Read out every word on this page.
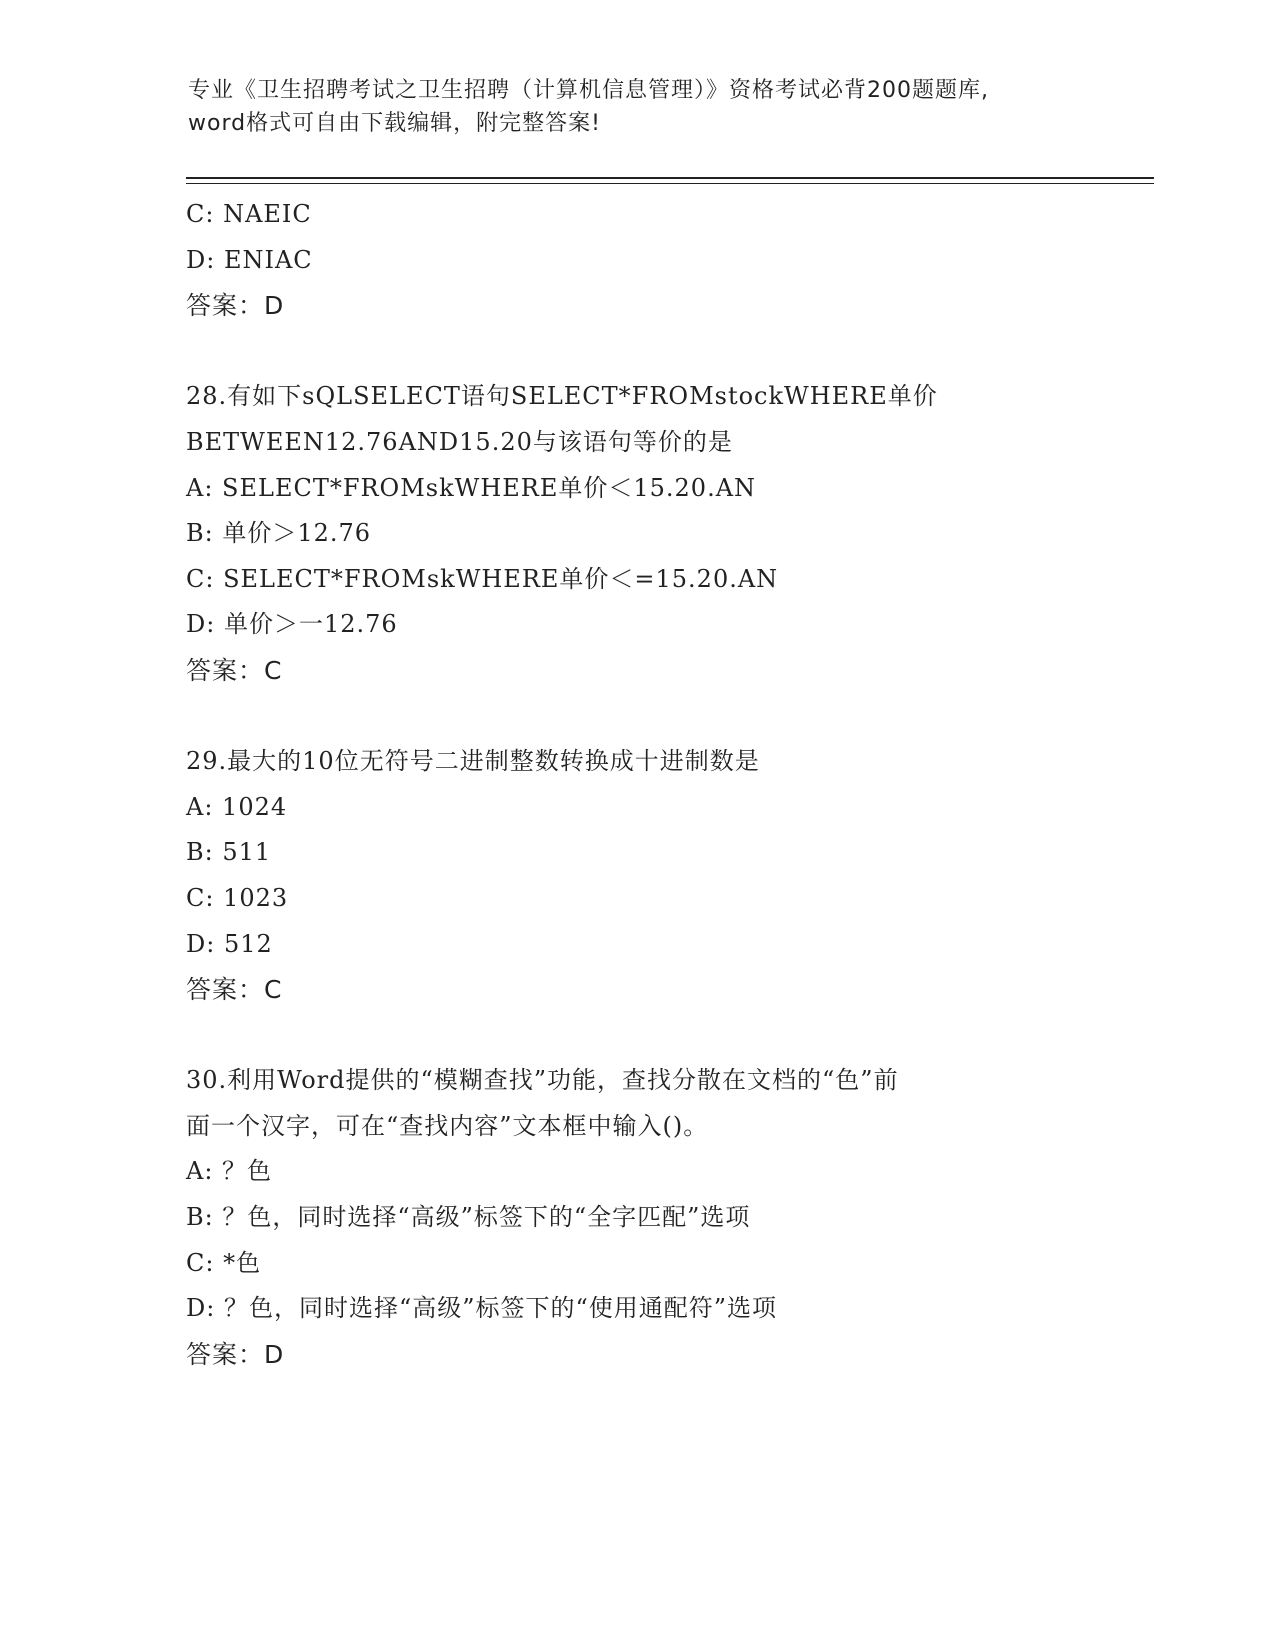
专业《卫生招聘考试之卫生招聘（计算机信息管理）》资格考试必背200题题库,
word格式可自由下载编辑，附完整答案!
C: NAEIC
D: ENIAC
答案：D
28.有如下sQLSELECT语句SELECT*FROMstockWHERE单价
BETWEEN12.76AND15.20与该语句等价的是
A: SELECT*FROMskWHERE单价＜15.20.AN
B: 单价＞12.76
C: SELECT*FROMskWHERE单价＜=15.20.AN
D: 单价＞一12.76
答案：C
29.最大的10位无符号二进制整数转换成十进制数是
A: 1024
B: 511
C: 1023
D: 512
答案：C
30.利用Word提供的“模糊查找”功能，查找分散在文档的“色”前
面一个汉字，可在“查找内容”文本框中输入()。
A: ？色
B: ？色，同时选择“高级”标签下的“全字匹配”选项
C: *色
D: ？色，同时选择“高级”标签下的“使用通配符”选项
答案：D
